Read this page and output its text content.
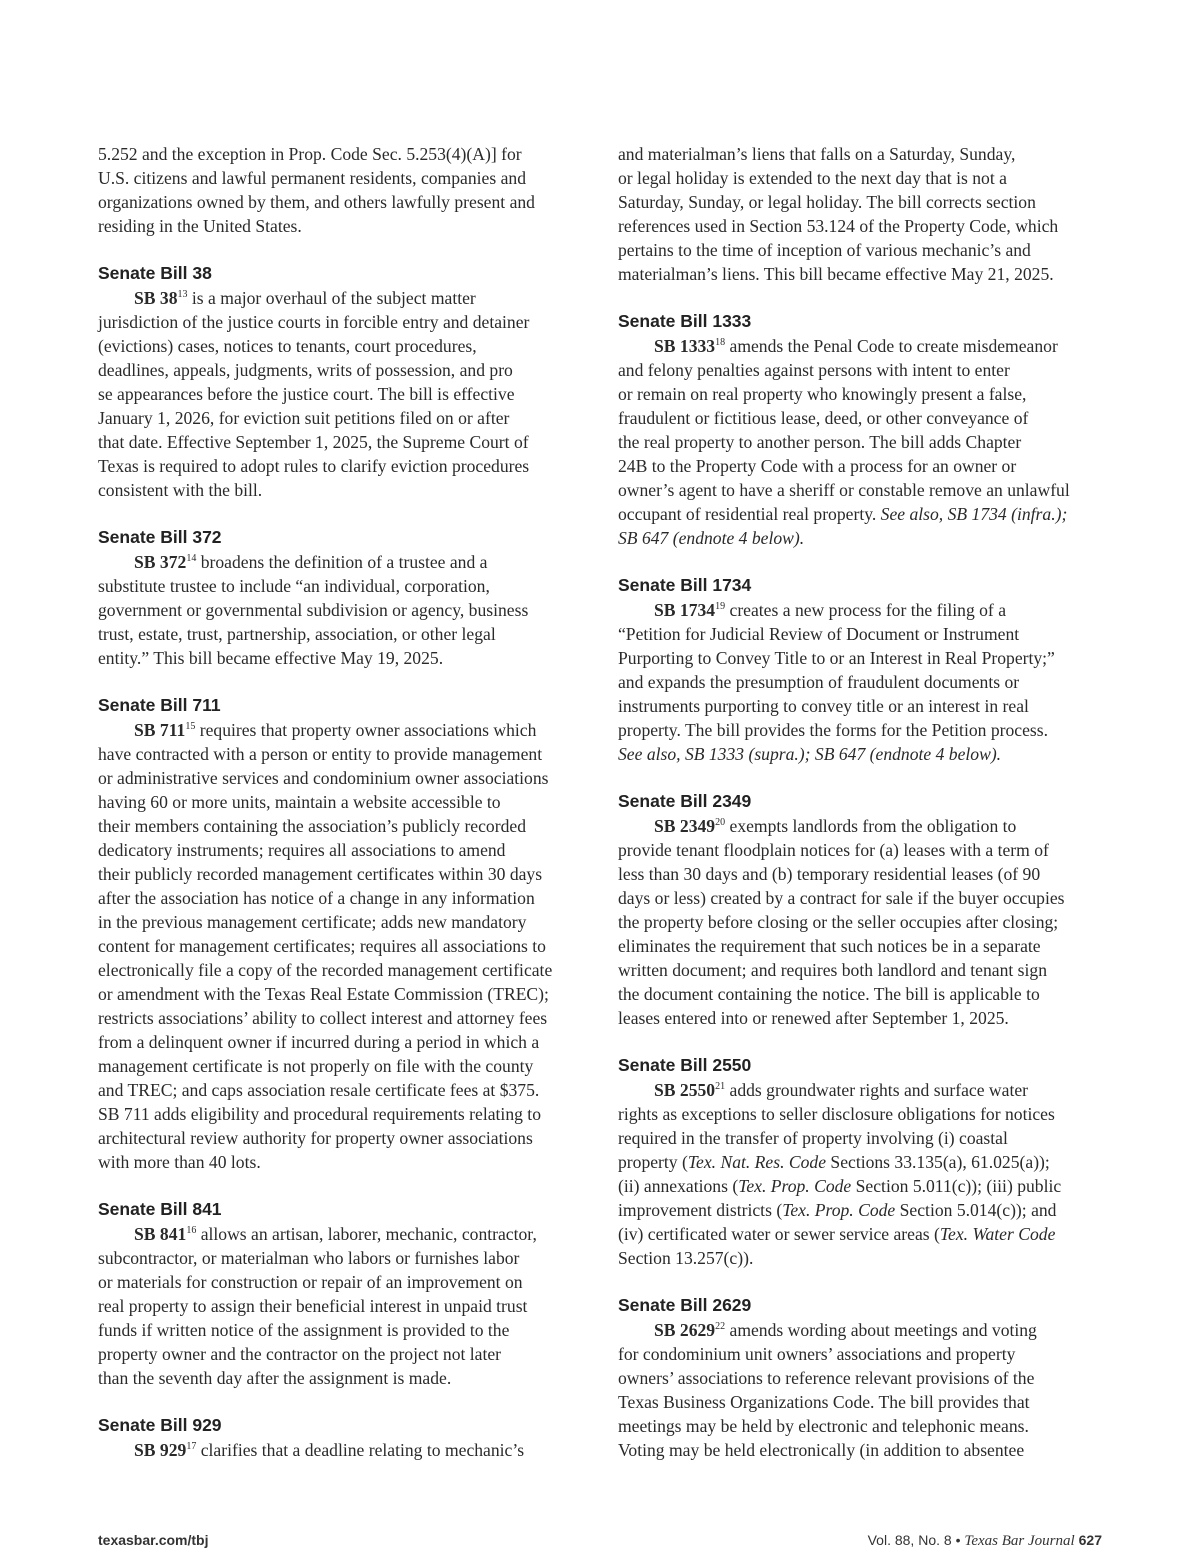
5.252 and the exception in Prop. Code Sec. 5.253(4)(A)] for
U.S. citizens and lawful permanent residents, companies and
organizations owned by them, and others lawfully present and
residing in the United States.

Senate Bill 38

SB $38^{13}$ is a major overhaul of the subject matter
jurisdiction of the justice courts in forcible entry and detainer
(evictions) cases, notices to tenants, court procedures,
deadlines, appeals, judgments, writs of possession, and pro
se appearances before the justice court. The bill is effective
January 1, 2026, for eviction suit petitions filed on or after
that date. Effective September 1, 2025, the Supreme Court of
Texas is required to adopt rules to clarify eviction procedures
consistent with the bill.

Senate Bill 372

SB $372^{14}$ broadens the definition of a trustee and a
substitute trustee to include “an individual, corporation,
government or governmental subdivision or agency, business
trust, estate, trust, partnership, association, or other legal
entity.” This bill became effective May 19, 2025.

Senate Bill 711

SB $711^{15}$ requires that property owner associations which
have contracted with a person or entity to provide management
or administrative services and condominium owner associations
having 60 or more units, maintain a website accessible to
their members containing the association’s publicly recorded
dedicatory instruments; requires all associations to amend
their publicly recorded management certificates within 30 days
after the association has notice of a change in any information
in the previous management certificate; adds new mandatory
content for management certificates; requires all associations to
electronically file a copy of the recorded management certificate
or amendment with the Texas Real Estate Commission (TREC);
restricts associations’ ability to collect interest and attorney fees
from a delinquent owner if incurred during a period in which a
management certificate is not properly on file with the county
and TREC; and caps association resale certificate fees at $375.
SB 711 adds eligibility and procedural requirements relating to
architectural review authority for property owner associations
with more than 40 lots.

Senate Bill 841

SB $841^{16}$ allows an artisan, laborer, mechanic, contractor,
subcontractor, or materialman who labors or furnishes labor
or materials for construction or repair of an improvement on
real property to assign their beneficial interest in unpaid trust
funds if written notice of the assignment is provided to the
property owner and the contractor on the project not later
than the seventh day after the assignment is made.

Senate Bill 929

SB $929^{17}$ clarifies that a deadline relating to mechanic’s

and materialman’s liens that falls on a Saturday, Sunday,
or legal holiday is extended to the next day that is not a
Saturday, Sunday, or legal holiday. The bill corrects section
references used in Section 53.124 of the Property Code, which
pertains to the time of inception of various mechanic’s and
materialman’s liens. This bill became effective May 21, 2025.

Senate Bill 1333

SB 1333$^{18}$ amends the Penal Code to create misdemeanor
and felony penalties against persons with intent to enter
or remain on real property who knowingly present a false,
fraudulent or fictitious lease, deed, or other conveyance of
the real property to another person. The bill adds Chapter
24B to the Property Code with a process for an owner or
owner’s agent to have a sheriff or constable remove an unlawful
occupant of residential real property. See also, SB 1734 (infra.);
SB 647 (endnote 4 below).

Senate Bill 1734

SB 1734$^{19}$ creates a new process for the filing of a
“Petition for Judicial Review of Document or Instrument
Purporting to Convey Title to or an Interest in Real Property;”
and expands the presumption of fraudulent documents or
instruments purporting to convey title or an interest in real
property. The bill provides the forms for the Petition process.
See also, SB 1333 (supra.); SB 647 (endnote 4 below).

Senate Bill 2349

SB 2349$^{20}$ exempts landlords from the obligation to
provide tenant floodplain notices for (a) leases with a term of
less than 30 days and (b) temporary residential leases (of 90
days or less) created by a contract for sale if the buyer occupies
the property before closing or the seller occupies after closing;
eliminates the requirement that such notices be in a separate
written document; and requires both landlord and tenant sign
the document containing the notice. The bill is applicable to
leases entered into or renewed after September 1, 2025.

Senate Bill 2550

SB 2550$^{21}$ adds groundwater rights and surface water
rights as exceptions to seller disclosure obligations for notices
required in the transfer of property involving (i) coastal
property (Tex. Nat. Res. Code Sections 33.135(a), 61.025(a));
(ii) annexations (Tex. Prop. Code Section 5.011(c)); (iii) public
improvement districts (Tex. Prop. Code Section 5.014(c)); and
(iv) certificated water or sewer service areas (Tex. Water Code
Section 13.257(c)).

Senate Bill 2629

SB 2629$^{22}$ amends wording about meetings and voting
for condominium unit owners’ associations and property
owners’ associations to reference relevant provisions of the
Texas Business Organizations Code. The bill provides that
meetings may be held by electronic and telephonic means.
Voting may be held electronically (in addition to absentee

texasbar.com/tbj	Vol. 88, No. 8 • Texas Bar Journal 627
